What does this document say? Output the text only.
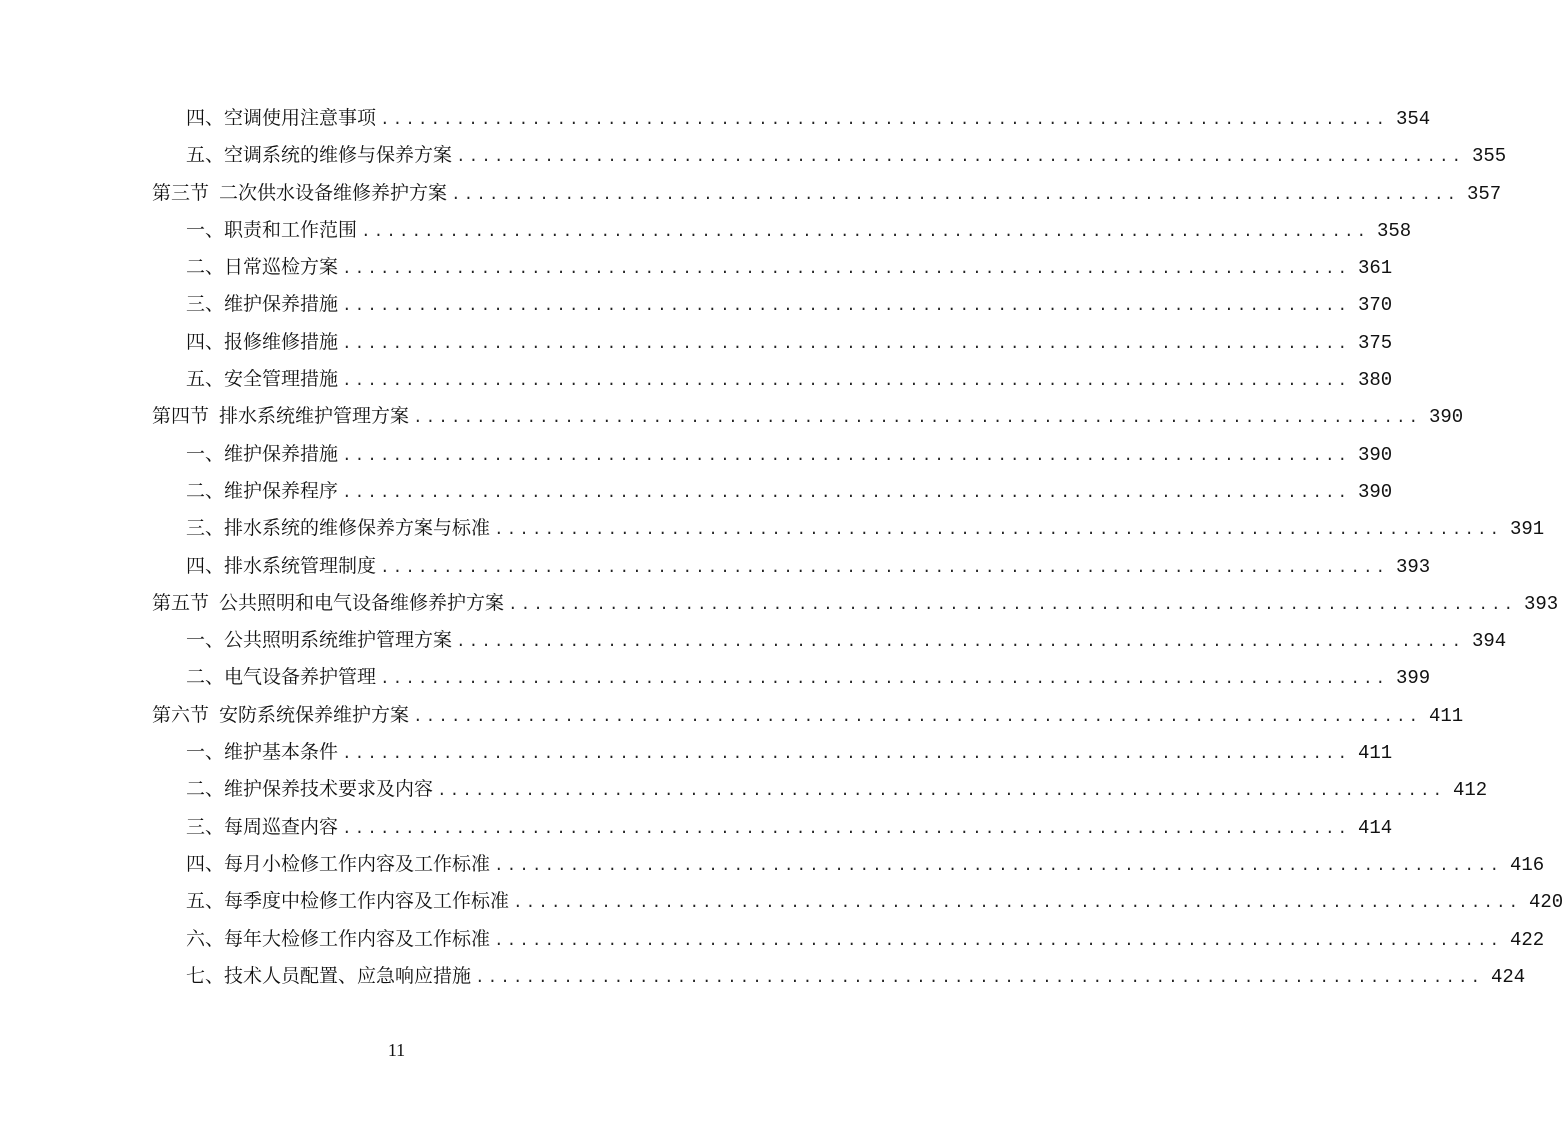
四、空调使用注意事项 ................................................................................ 354
五、空调系统的维修与保养方案 ................................................................................ 355
第三节 二次供水设备维修养护方案 ................................................................................ 357
一、职责和工作范围 ................................................................................ 358
二、日常巡检方案 ................................................................................ 361
三、维护保养措施 ................................................................................ 370
四、报修维修措施 ................................................................................ 375
五、安全管理措施 ................................................................................ 380
第四节 排水系统维护管理方案 ................................................................................ 390
一、维护保养措施 ................................................................................ 390
二、维护保养程序 ................................................................................ 390
三、排水系统的维修保养方案与标准 ................................................................................ 391
四、排水系统管理制度 ................................................................................ 393
第五节 公共照明和电气设备维修养护方案 ................................................................................ 393
一、公共照明系统维护管理方案 ................................................................................ 394
二、电气设备养护管理 ................................................................................ 399
第六节 安防系统保养维护方案 ................................................................................ 411
一、维护基本条件 ................................................................................ 411
二、维护保养技术要求及内容 ................................................................................ 412
三、每周巡查内容 ................................................................................ 414
四、每月小检修工作内容及工作标准 ................................................................................ 416
五、每季度中检修工作内容及工作标准 ................................................................................ 420
六、每年大检修工作内容及工作标准 ................................................................................ 422
七、技术人员配置、应急响应措施 ................................................................................ 424
11
